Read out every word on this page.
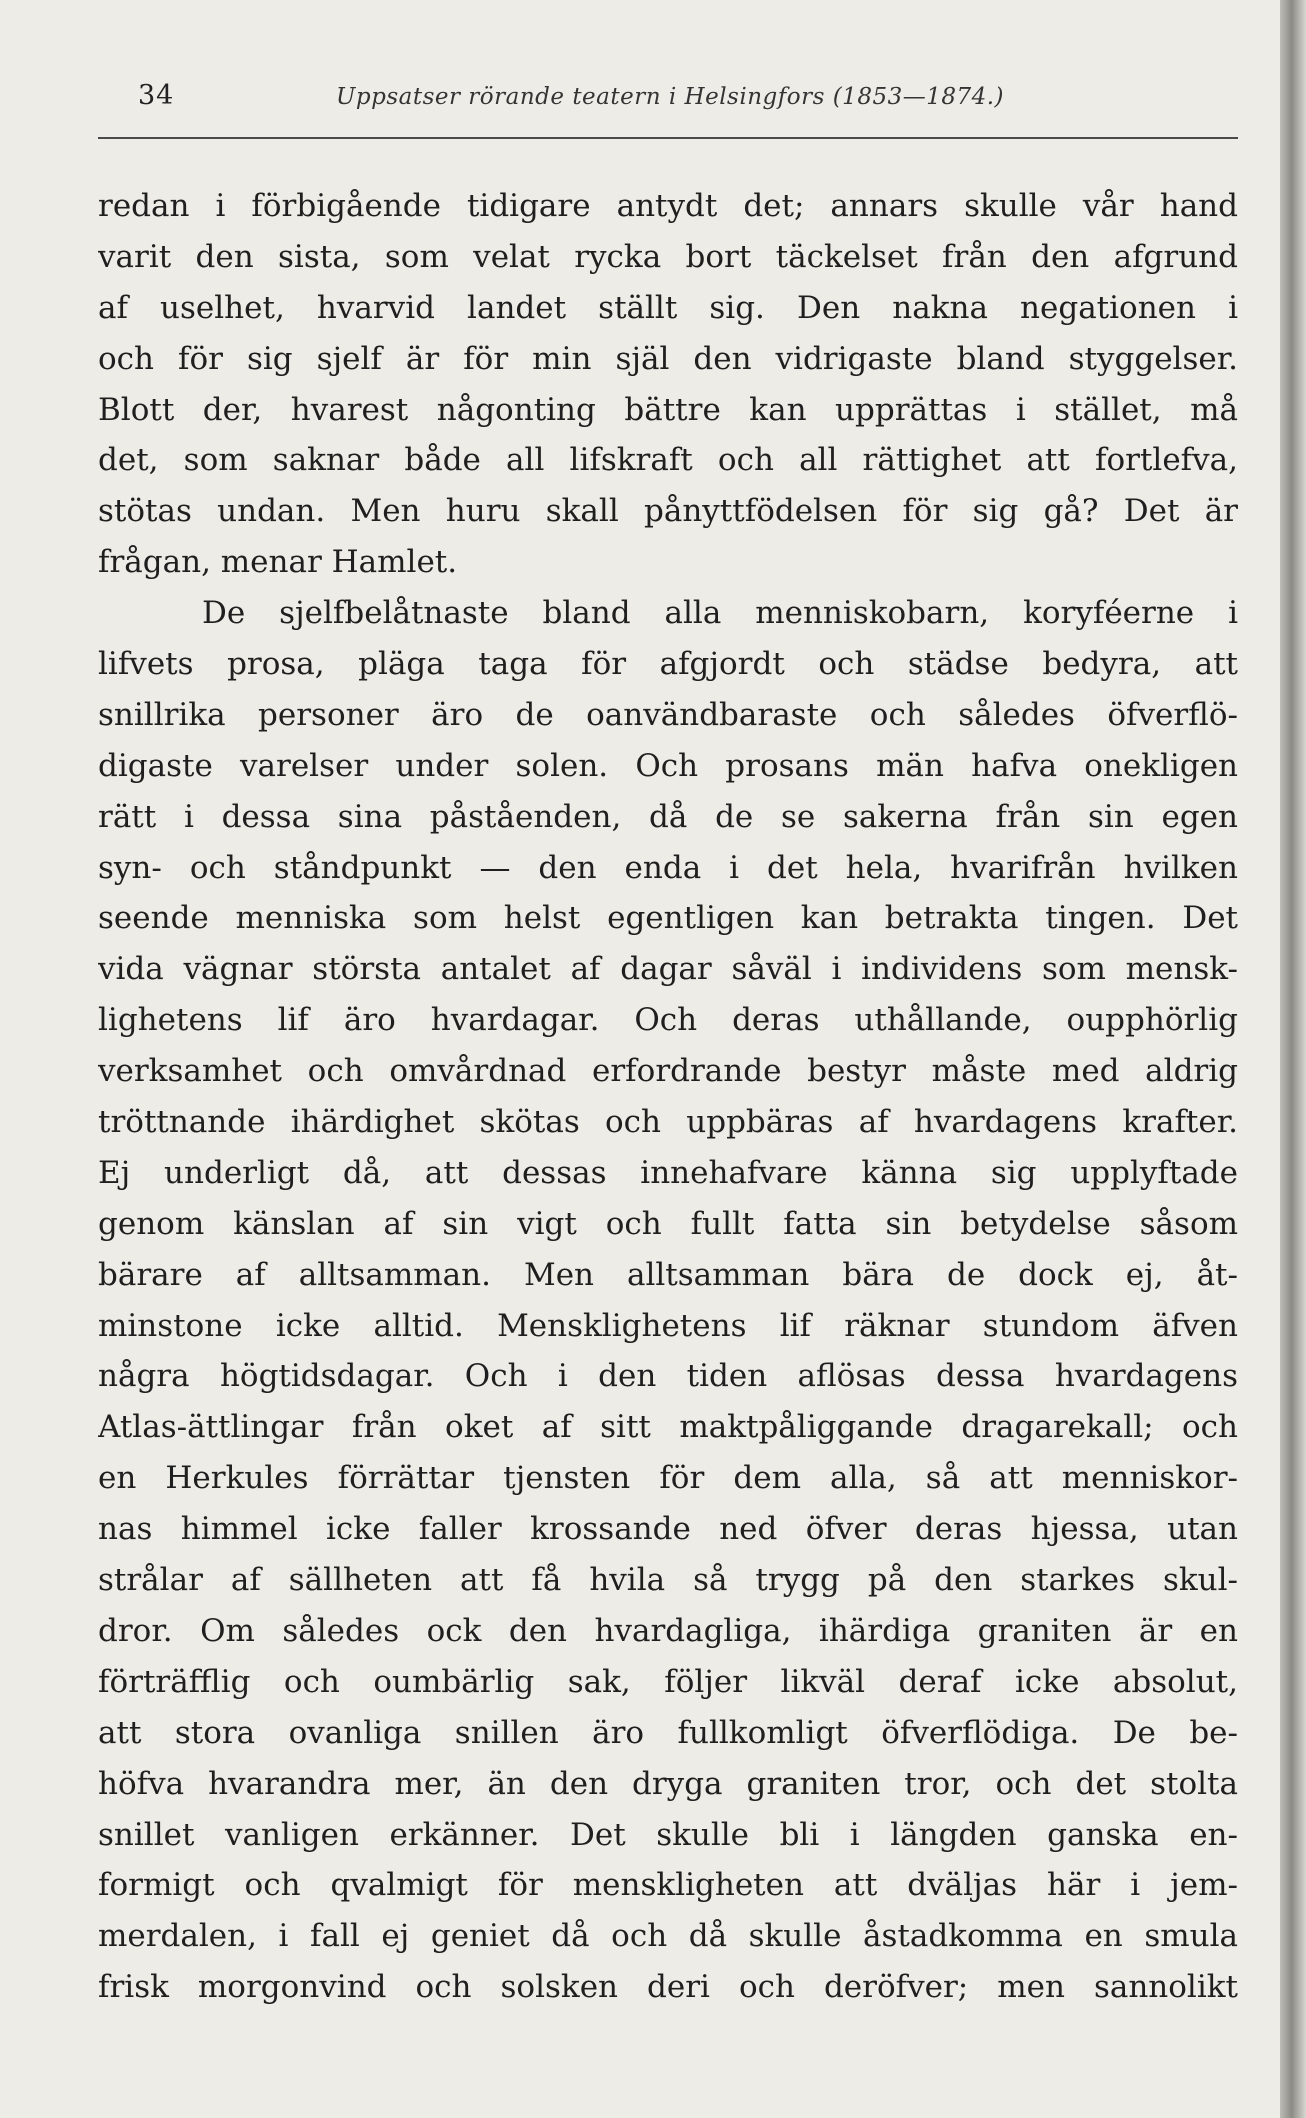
34	Uppsatser rörande teatern i Helsingfors (1853—1874.)
redan i förbigående tidigare antydt det; annars skulle vår hand
varit den sista, som velat rycka bort täckelset från den afgrund
af uselhet, hvarvid landet ställt sig. Den nakna negationen i
och för sig sjelf är för min själ den vidrigaste bland styggelser.
Blott der, hvarest någonting bättre kan upprättas i stället, må
det, som saknar både all lifskraft och all rättighet att fortlefva,
stötas undan. Men huru skall pånyttfödelsen för sig gå? Det är
frågan, menar Hamlet.
De sjelfbelåtnaste bland alla menniskobarn, koryféerne i
lifvets prosa, pläga taga för afgjordt och städse bedyra, att
snillrika personer äro de oanvändbaraste och således öfverflö-
digaste varelser under solen. Och prosans män hafva onekligen
rätt i dessa sina påståenden, då de se sakerna från sin egen
syn- och ståndpunkt — den enda i det hela, hvarifrån hvilken
seende menniska som helst egentligen kan betrakta tingen. Det
vida vägnar största antalet af dagar såväl i individens som mensk-
lighetens lif äro hvardagar. Och deras uthållande, oupphörlig
verksamhet och omvårdnad erfordrande bestyr måste med aldrig
tröttnande ihärdighet skötas och uppbäras af hvardagens krafter.
Ej underligt då, att dessas innehafvare känna sig upplyftade
genom känslan af sin vigt och fullt fatta sin betydelse såsom
bärare af alltsamman. Men alltsamman bära de dock ej, åt-
minstone icke alltid. Mensklighetens lif räknar stundom äfven
några högtidsdagar. Och i den tiden aflösas dessa hvardagens
Atlas-ättlingar från oket af sitt maktpåliggande dragarekall; och
en Herkules förrättar tjensten för dem alla, så att menniskor-
nas himmel icke faller krossande ned öfver deras hjessa, utan
strålar af sällheten att få hvila så trygg på den starkes skul-
dror. Om således ock den hvardagliga, ihärdiga graniten är en
förträfflig och oumbärlig sak, följer likväl deraf icke absolut,
att stora ovanliga snillen äro fullkomligt öfverflödiga. De be-
höfva hvarandra mer, än den dryga graniten tror, och det stolta
snillet vanligen erkänner. Det skulle bli i längden ganska en-
formigt och qvalmigt för menskligheten att dväljas här i jem-
merdalen, i fall ej geniet då och då skulle åstadkomma en smula
frisk morgonvind och solsken deri och deröfver; men sannolikt
